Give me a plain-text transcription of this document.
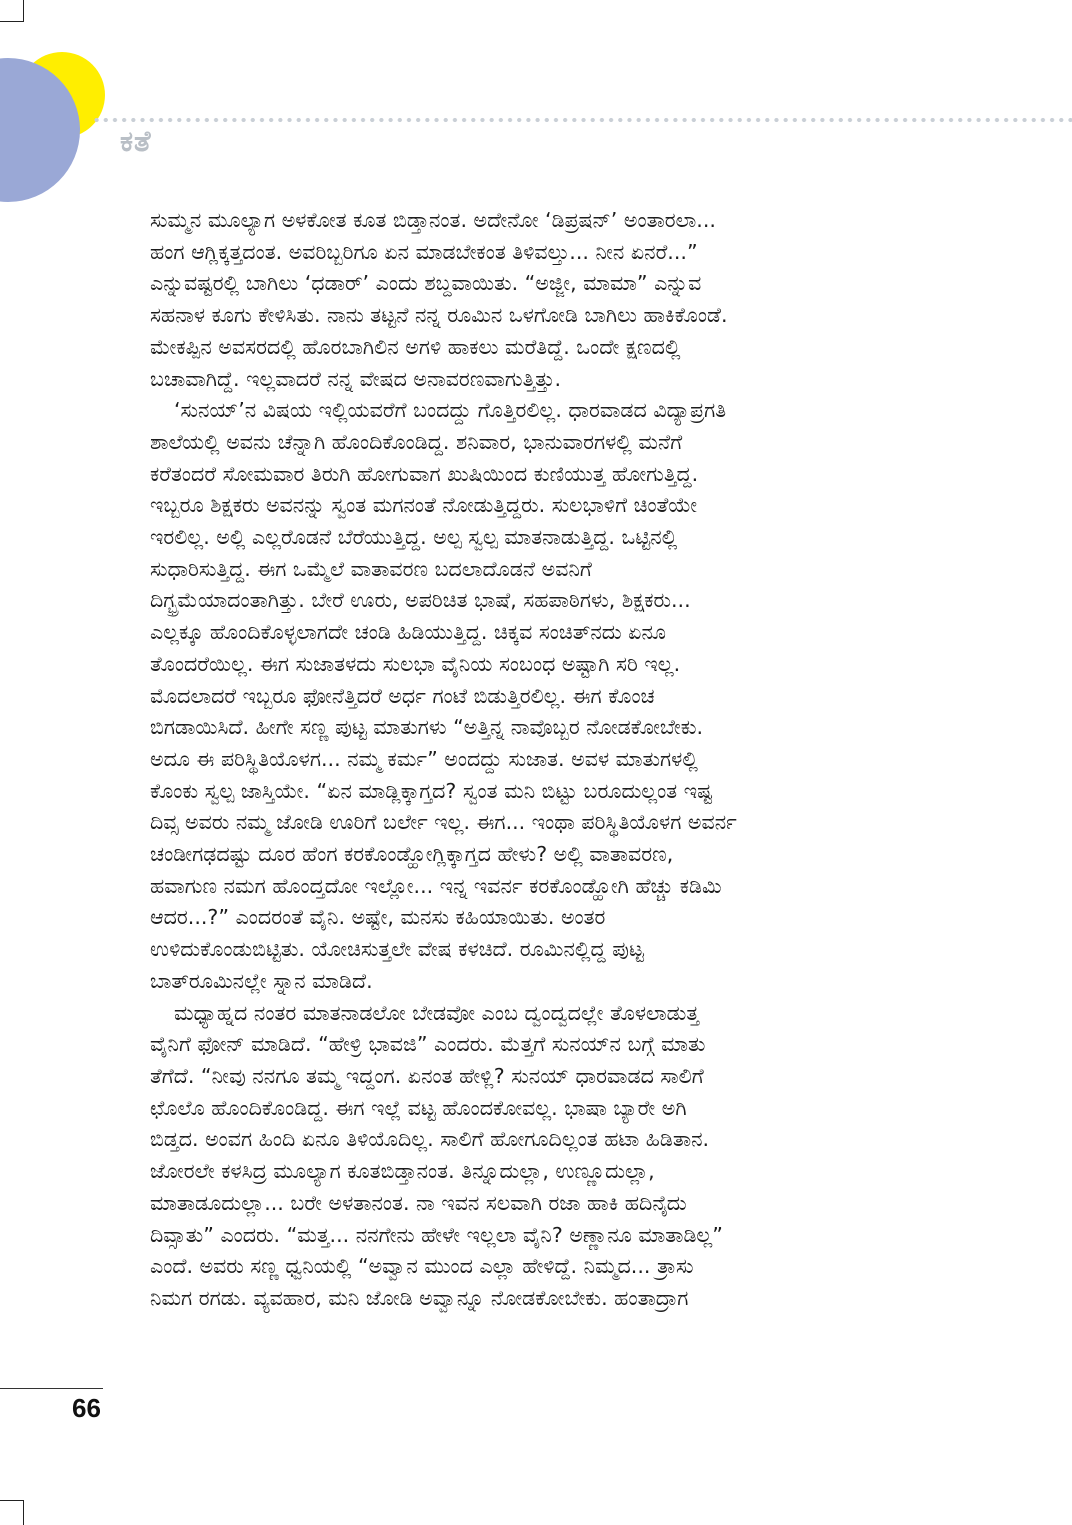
ಕತೆ

ಸುಮ್ಮನ ಮೂಲ್ಯಾಗ ಅಳಕೋತ ಕೂತ ಬಿಡ್ತಾನಂತ. ಅದೇನೋ ‘ಡಿಪ್ರಷನ್’ ಅಂತಾರಲಾ...
ಹಂಗ ಆಗ್ಲಿಕ್ಕತ್ತದಂತ. ಅವರಿಬ್ಬರಿಗೂ ಏನ ಮಾಡಬೇಕಂತ ತಿಳಿವಲ್ತು... ನೀನ ಏನರೆ...”
ಎನ್ನುವಷ್ಟರಲ್ಲಿ ಬಾಗಿಲು ‘ಧಡಾರ್’ ಎಂದು ಶಬ್ದವಾಯಿತು. “ಅಜ್ಜೀ, ಮಾಮಾ” ಎನ್ನುವ
ಸಹನಾಳ ಕೂಗು ಕೇಳಿಸಿತು. ನಾನು ತಟ್ಟನೆ ನನ್ನ ರೂಮಿನ ಒಳಗೋಡಿ ಬಾಗಿಲು ಹಾಕಿಕೊಂಡೆ.
ಮೇಕಪ್ಪಿನ ಅವಸರದಲ್ಲಿ ಹೊರಬಾಗಿಲಿನ ಅಗಳಿ ಹಾಕಲು ಮರೆತಿದ್ದೆ. ಒಂದೇ ಕ್ಷಣದಲ್ಲಿ
ಬಚಾವಾಗಿದ್ದೆ. ಇಲ್ಲವಾದರೆ ನನ್ನ ವೇಷದ ಅನಾವರಣವಾಗುತ್ತಿತ್ತು.

‘ಸುನಯ್’ನ ವಿಷಯ ಇಲ್ಲಿಯವರೆಗೆ ಬಂದದ್ದು ಗೊತ್ತಿರಲಿಲ್ಲ. ಧಾರವಾಡದ ವಿದ್ಯಾಪ್ರಗತಿ
ಶಾಲೆಯಲ್ಲಿ ಅವನು ಚೆನ್ನಾಗಿ ಹೊಂದಿಕೊಂಡಿದ್ದ. ಶನಿವಾರ, ಭಾನುವಾರಗಳಲ್ಲಿ ಮನೆಗೆ
ಕರೆತಂದರೆ ಸೋಮವಾರ ತಿರುಗಿ ಹೋಗುವಾಗ ಖುಷಿಯಿಂದ ಕುಣಿಯುತ್ತ ಹೋಗುತ್ತಿದ್ದ.
ಇಬ್ಬರೂ ಶಿಕ್ಷಕರು ಅವನನ್ನು ಸ್ವಂತ ಮಗನಂತೆ ನೋಡುತ್ತಿದ್ದರು. ಸುಲಭಾಳಿಗೆ ಚಿಂತೆಯೇ
ಇರಲಿಲ್ಲ. ಅಲ್ಲಿ ಎಲ್ಲರೊಡನೆ ಬೆರೆಯುತ್ತಿದ್ದ. ಅಲ್ಪ ಸ್ವಲ್ಪ ಮಾತನಾಡುತ್ತಿದ್ದ. ಒಟ್ಟಿನಲ್ಲಿ
ಸುಧಾರಿಸುತ್ತಿದ್ದ. ಈಗ ಒಮ್ಮೆಲೆ ವಾತಾವರಣ ಬದಲಾದೊಡನೆ ಅವನಿಗೆ
ದಿಗ್ಭ್ರಮೆಯಾದಂತಾಗಿತ್ತು. ಬೇರೆ ಊರು, ಅಪರಿಚಿತ ಭಾಷೆ, ಸಹಪಾಠಿಗಳು, ಶಿಕ್ಷಕರು...
ಎಲ್ಲಕ್ಕೂ ಹೊಂದಿಕೊಳ್ಳಲಾಗದೇ ಚಂಡಿ ಹಿಡಿಯುತ್ತಿದ್ದ. ಚಿಕ್ಕವ ಸಂಚಿತ್‌ನದು ಏನೂ
ತೊಂದರೆಯಿಲ್ಲ. ಈಗ ಸುಜಾತಳದು ಸುಲಭಾ ವೈನಿಯ ಸಂಬಂಧ ಅಷ್ಟಾಗಿ ಸರಿ ಇಲ್ಲ.
ಮೊದಲಾದರೆ ಇಬ್ಬರೂ ಫೋನೆತ್ತಿದರೆ ಅರ್ಧ ಗಂಟೆ ಬಿಡುತ್ತಿರಲಿಲ್ಲ. ಈಗ ಕೊಂಚ
ಬಿಗಡಾಯಿಸಿದೆ. ಹೀಗೇ ಸಣ್ಣ ಪುಟ್ಟ ಮಾತುಗಳು “ಅತ್ತಿನ್ನ ನಾವೊಬ್ಬರ ನೋಡಕೋಬೇಕು.
ಅದೂ ಈ ಪರಿಸ್ಥಿತಿಯೊಳಗ... ನಮ್ಮ ಕರ್ಮ” ಅಂದದ್ದು ಸುಜಾತ. ಅವಳ ಮಾತುಗಳಲ್ಲಿ
ಕೊಂಕು ಸ್ವಲ್ಪ ಜಾಸ್ತಿಯೇ. “ಏನ ಮಾಡ್ಲಿಕ್ಕಾಗ್ತದ? ಸ್ವಂತ ಮನಿ ಬಿಟ್ಟು ಬರೂದುಲ್ಲಂತ ಇಷ್ಟ
ದಿವ್ಸ ಅವರು ನಮ್ಮ ಜೋಡಿ ಊರಿಗೆ ಬರ್ಲೇ ಇಲ್ಲ. ಈಗ... ಇಂಥಾ ಪರಿಸ್ಥಿತಿಯೊಳಗ ಅವರ್ನ
ಚಂಡೀಗಢದಷ್ಟು ದೂರ ಹೆಂಗ ಕರಕೊಂಡ್ಹೋಗ್ಲಿಕ್ಕಾಗ್ತದ ಹೇಳು? ಅಲ್ಲಿ ವಾತಾವರಣ,
ಹವಾಗುಣ ನಮಗ ಹೊಂದ್ತದೋ ಇಲ್ಲೋ... ಇನ್ನ ಇವರ್ನ ಕರಕೊಂಡ್ಹೋಗಿ ಹೆಚ್ಚು ಕಡಿಮಿ
ಆದರ...?” ಎಂದರಂತೆ ವೈನಿ. ಅಷ್ಟೇ, ಮನಸು ಕಹಿಯಾಯಿತು. ಅಂತರ
ಉಳಿದುಕೊಂಡುಬಿಟ್ಟಿತು. ಯೋಚಿಸುತ್ತಲೇ ವೇಷ ಕಳಚಿದೆ. ರೂಮಿನಲ್ಲಿದ್ದ ಪುಟ್ಟ
ಬಾತ್‌ರೂಮಿನಲ್ಲೇ ಸ್ನಾನ ಮಾಡಿದೆ.

ಮಧ್ಯಾಹ್ನದ ನಂತರ ಮಾತನಾಡಲೋ ಬೇಡವೋ ಎಂಬ ದ್ವಂದ್ವದಲ್ಲೇ ತೊಳಲಾಡುತ್ತ
ವೈನಿಗೆ ಫೋನ್ ಮಾಡಿದೆ. “ಹೇಳ್ರಿ ಭಾವಜಿ” ಎಂದರು. ಮೆತ್ತಗೆ ಸುನಯ್‌ನ ಬಗ್ಗೆ ಮಾತು
ತೆಗೆದೆ. “ನೀವು ನನಗೂ ತಮ್ಮ ಇದ್ದಂಗ. ಏನಂತ ಹೇಳ್ಲಿ? ಸುನಯ್ ಧಾರವಾಡದ ಸಾಲಿಗೆ
ಛೊಲೊ ಹೊಂದಿಕೊಂಡಿದ್ದ. ಈಗ ಇಲ್ಲೆ ವಟ್ಟ ಹೊಂದಕೋವಲ್ಲ. ಭಾಷಾ ಬ್ಯಾರೇ ಅಗಿ
ಬಿಡ್ತದ. ಅಂವಗ ಹಿಂದಿ ಏನೂ ತಿಳಿಯೊದಿಲ್ಲ. ಸಾಲಿಗೆ ಹೋಗೂದಿಲ್ಲಂತ ಹಟಾ ಹಿಡಿತಾನ.
ಜೋರಲೇ ಕಳಸಿದ್ರ ಮೂಲ್ಯಾಗ ಕೂತಬಿಡ್ತಾನಂತ. ತಿನ್ನೂದುಲ್ಲಾ, ಉಣ್ಣೂದುಲ್ಲಾ,
ಮಾತಾಡೂದುಲ್ಲಾ... ಬರೇ ಅಳತಾನಂತ. ನಾ ಇವನ ಸಲವಾಗಿ ರಜಾ ಹಾಕಿ ಹದಿನೈದು
ದಿವ್ಸಾತು” ಎಂದರು. “ಮತ್ತ... ನನಗೇನು ಹೇಳೇ ಇಲ್ಲಲಾ ವೈನಿ? ಅಣ್ಣಾನೂ ಮಾತಾಡಿಲ್ಲ”
ಎಂದೆ. ಅವರು ಸಣ್ಣ ಧ್ವನಿಯಲ್ಲಿ “ಅವ್ವಾನ ಮುಂದ ಎಲ್ಲಾ ಹೇಳಿದ್ದೆ. ನಿಮ್ಮದ... ತ್ರಾಸು
ನಿಮಗ ರಗಡು. ವ್ಯವಹಾರ, ಮನಿ ಜೋಡಿ ಅವ್ವಾನ್ನೂ ನೋಡಕೋಬೇಕು. ಹಂತಾದ್ರಾಗ

66
